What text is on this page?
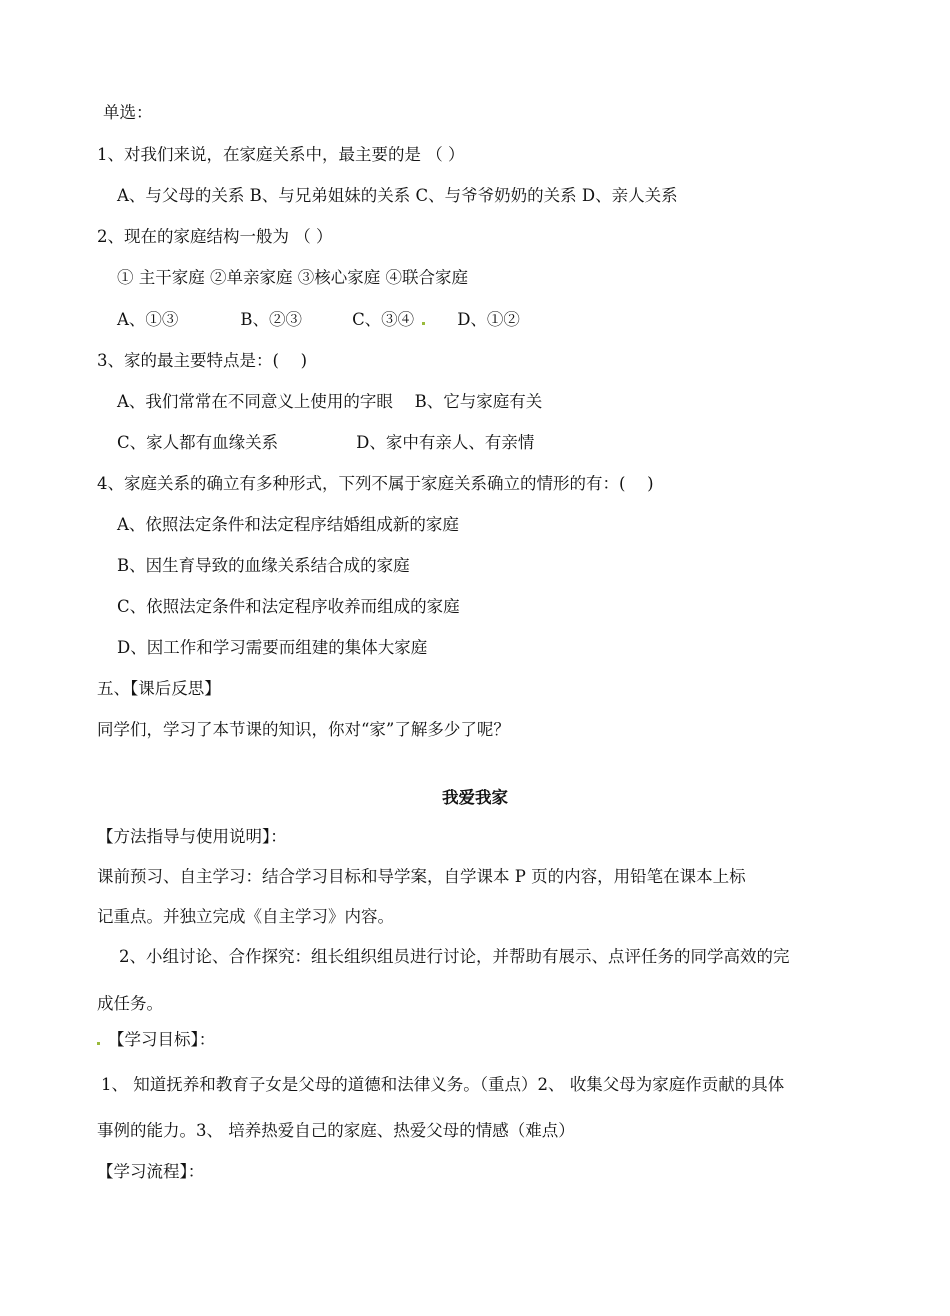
单选：

1、对我们来说，在家庭关系中，最主要的是 （ ）

A、与父母的关系 B、与兄弟姐妹的关系 C、与爷爷奶奶的关系 D、亲人关系

2、现在的家庭结构一般为 （ ）

① 主干家庭 ②单亲家庭 ③核心家庭 ④联合家庭

A、①③	B、②③	C、③④	D、①②

3、家的最主要特点是：(　 )

A、我们常常在不同意义上使用的字眼 　B、它与家庭有关

C、家人都有血缘关系	D、家中有亲人、有亲情

4、家庭关系的确立有多种形式，下列不属于家庭关系确立的情形的有：(　 )

A、依照法定条件和法定程序结婚组成新的家庭

B、因生育导致的血缘关系结合成的家庭

C、依照法定条件和法定程序收养而组成的家庭

D、因工作和学习需要而组建的集体大家庭

五、【课后反思】

同学们，学习了本节课的知识，你对“家”了解多少了呢？

我爱我家

【方法指导与使用说明】：

课前预习、自主学习：结合学习目标和导学案，自学课本 P 页的内容，用铅笔在课本上标

记重点。并独立完成《自主学习》内容。

2、小组讨论、合作探究：组长组织组员进行讨论，并帮助有展示、点评任务的同学高效的完

成任务。

【学习目标】：

1、 知道抚养和教育子女是父母的道德和法律义务。（重点）2、 收集父母为家庭作贡献的具体

事例的能力。3、 培养热爱自己的家庭、热爱父母的情感（难点）

【学习流程】：
